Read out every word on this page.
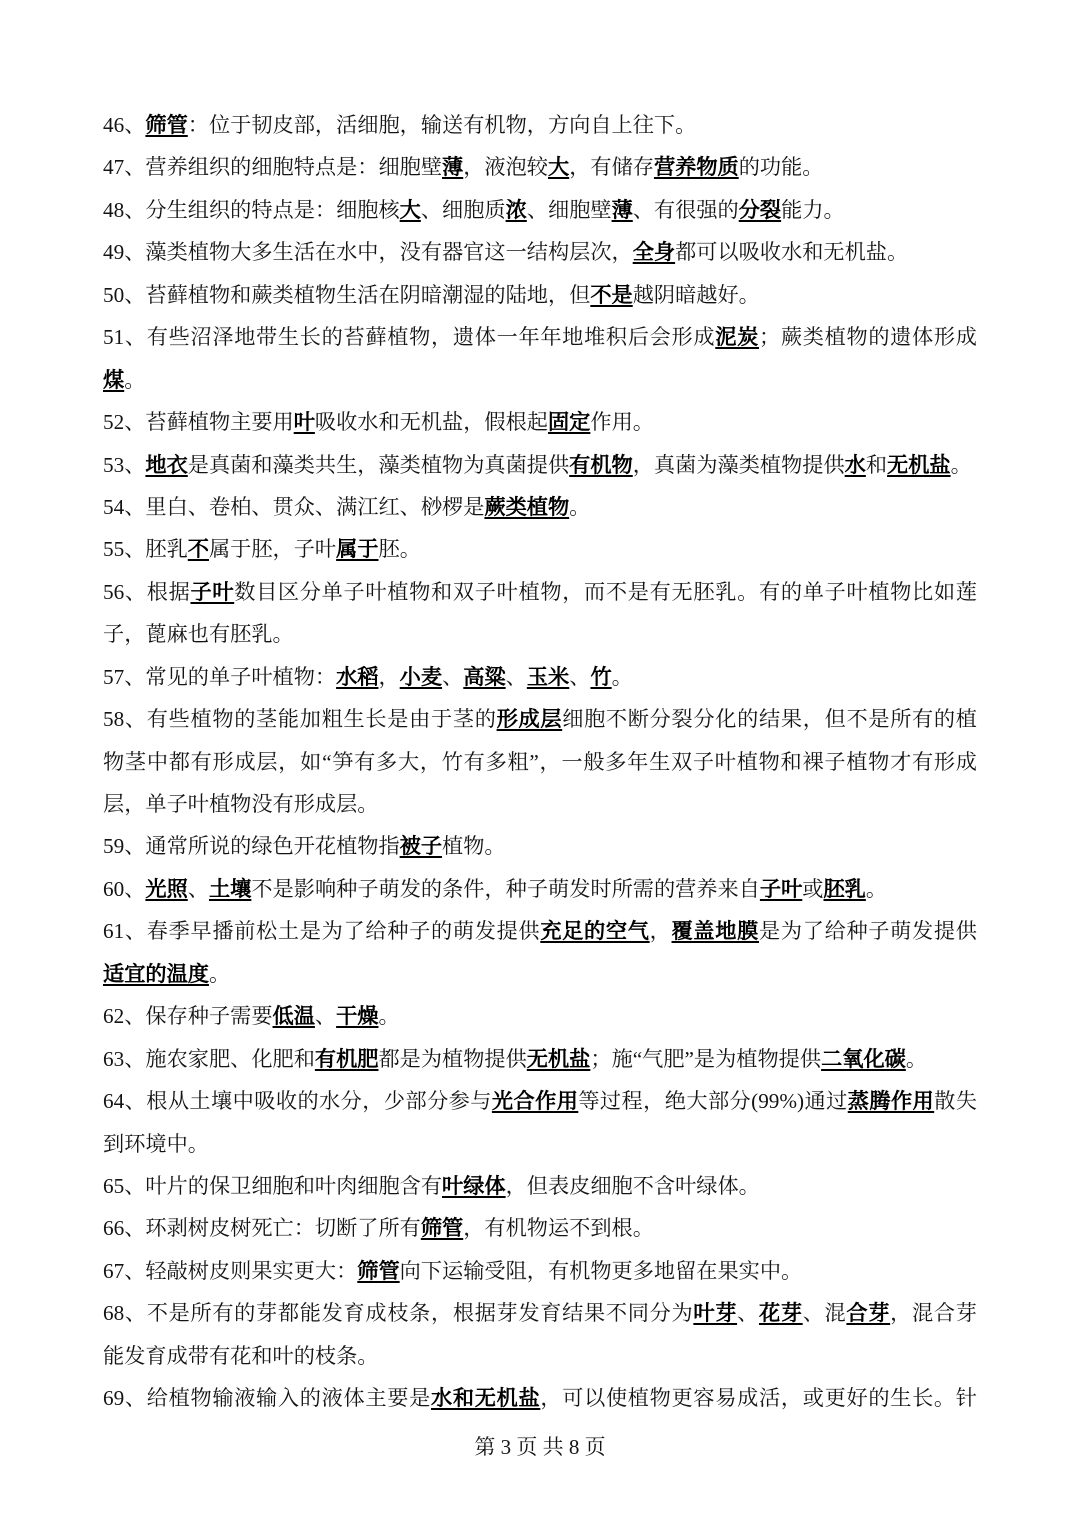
46、筛管：位于韧皮部，活细胞，输送有机物，方向自上往下。
47、营养组织的细胞特点是：细胞壁薄，液泡较大，有储存营养物质的功能。
48、分生组织的特点是：细胞核大、细胞质浓、细胞壁薄、有很强的分裂能力。
49、藻类植物大多生活在水中，没有器官这一结构层次，全身都可以吸收水和无机盐。
50、苔藓植物和蕨类植物生活在阴暗潮湿的陆地，但不是越阴暗越好。
51、有些沼泽地带生长的苔藓植物，遗体一年年地堆积后会形成泥炭；蕨类植物的遗体形成
煤。
52、苔藓植物主要用叶吸收水和无机盐，假根起固定作用。
53、地衣是真菌和藻类共生，藻类植物为真菌提供有机物，真菌为藻类植物提供水和无机盐。
54、里白、卷柏、贯众、满江红、桫椤是蕨类植物。
55、胚乳不属于胚，子叶属于胚。
56、根据子叶数目区分单子叶植物和双子叶植物，而不是有无胚乳。有的单子叶植物比如莲
子，蓖麻也有胚乳。
57、常见的单子叶植物：水稻，小麦、高粱、玉米、竹。
58、有些植物的茎能加粗生长是由于茎的形成层细胞不断分裂分化的结果，但不是所有的植
物茎中都有形成层，如“笋有多大，竹有多粗”，一般多年生双子叶植物和裸子植物才有形成
层，单子叶植物没有形成层。
59、通常所说的绿色开花植物指被子植物。
60、光照、土壤不是影响种子萌发的条件，种子萌发时所需的营养来自子叶或胚乳。
61、春季早播前松土是为了给种子的萌发提供充足的空气，覆盖地膜是为了给种子萌发提供
适宜的温度。
62、保存种子需要低温、干燥。
63、施农家肥、化肥和有机肥都是为植物提供无机盐；施“气肥”是为植物提供二氧化碳。
64、根从土壤中吸收的水分，少部分参与光合作用等过程，绝大部分(99%)通过蒸腾作用散失
到环境中。
65、叶片的保卫细胞和叶肉细胞含有叶绿体，但表皮细胞不含叶绿体。
66、环剥树皮树死亡：切断了所有筛管，有机物运不到根。
67、轻敲树皮则果实更大：筛管向下运输受阻，有机物更多地留在果实中。
68、不是所有的芽都能发育成枝条，根据芽发育结果不同分为叶芽、花芽、混合芽，混合芽
能发育成带有花和叶的枝条。
69、给植物输液输入的液体主要是水和无机盐，可以使植物更容易成活，或更好的生长。针
第 3 页 共 8 页
